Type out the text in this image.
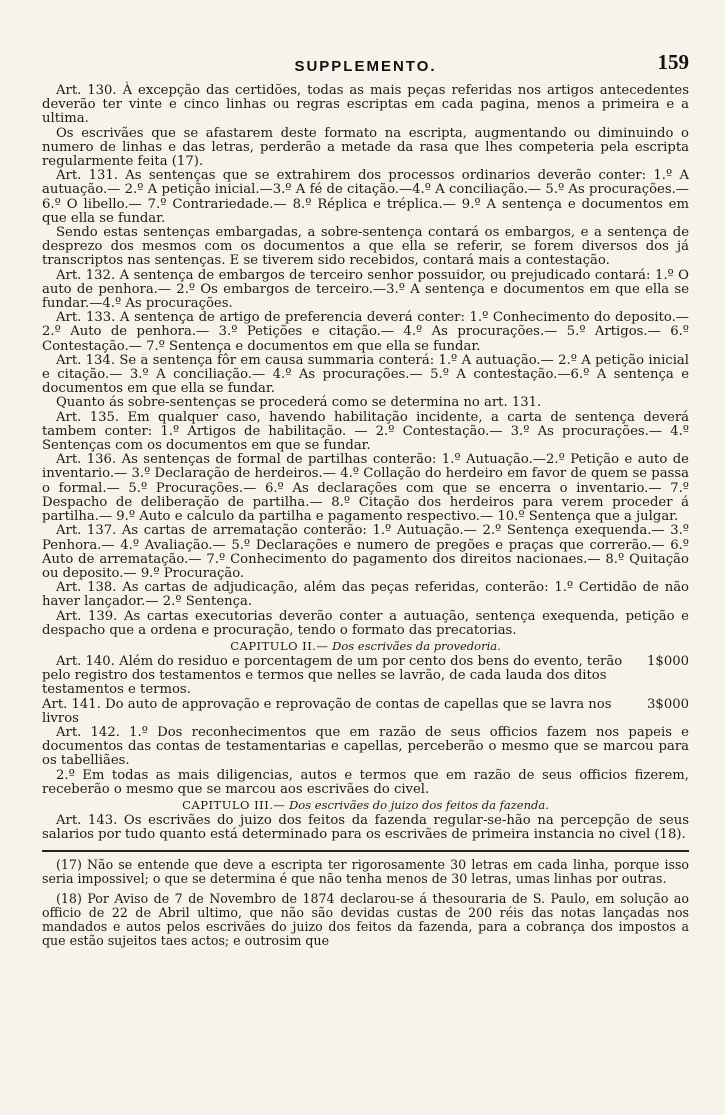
SUPPLEMENTO.	159

Art. 130. À excepção das certidões, todas as mais peças referidas nos artigos antecedentes deverão ter vinte e cinco linhas ou regras escriptas em cada pagina, menos a primeira e a ultima.

Os escrivães que se afastarem deste formato na escripta, augmentando ou diminuindo o numero de linhas e das letras, perderão a metade da rasa que lhes competeria pela escripta regularmente feita (17).

Art. 131. As sentenças que se extrahirem dos processos ordinarios deverão conter: 1.º A autuação.— 2.º A petição inicial.—3.º A fé de citação.—4.º A conciliação.— 5.º As procurações.— 6.º O libello.— 7.º Contrariedade.— 8.º Réplica e tréplica.— 9.º A sentença e documentos em que ella se fundar.

Sendo estas sentenças embargadas, a sobre-sentença contará os embargos, e a sentença de desprezo dos mesmos com os documentos a que ella se referir, se forem diversos dos já transcriptos nas sentenças. E se tiverem sido recebidos, contará mais a contestação.

Art. 132. A sentença de embargos de terceiro senhor possuidor, ou prejudicado contará: 1.º O auto de penhora.— 2.º Os embargos de terceiro.—3.º A sentença e documentos em que ella se fundar.—4.º As procurações.

Art. 133. A sentença de artigo de preferencia deverá conter: 1.º Conhecimento do deposito.— 2.º Auto de penhora.— 3.º Petições e citação.— 4.º As procurações.— 5.º Artigos.— 6.º Contestação.— 7.º Sentença e documentos em que ella se fundar.

Art. 134. Se a sentença fôr em causa summaria conterá: 1.º A autuação.— 2.º A petição inicial e citação.— 3.º A conciliação.— 4.º As procurações.— 5.º A contestação.—6.º A sentença e documentos em que ella se fundar.

Quanto ás sobre-sentenças se procederá como se determina no art. 131.

Art. 135. Em qualquer caso, havendo habilitação incidente, a carta de sentença deverá tambem conter: 1.º Artigos de habilitação. — 2.º Contestação.— 3.º As procurações.— 4.º Sentenças com os documentos em que se fundar.

Art. 136. As sentenças de formal de partilhas conterão: 1.º Autuação.—2.º Petição e auto de inventario.— 3.º Declaração de herdeiros.— 4.º Collação do herdeiro em favor de quem se passa o formal.— 5.º Procurações.— 6.º As declarações com que se encerra o inventario.— 7.º Despacho de deliberação de partilha.— 8.º Citação dos herdeiros para verem proceder á partilha.— 9.º Auto e calculo da partilha e pagamento respectivo.— 10.º Sentença que a julgar.

Art. 137. As cartas de arrematação conterão: 1.º Autuação.— 2.º Sentença exequenda.— 3.º Penhora.— 4.º Avaliação.— 5.º Declarações e numero de pregões e praças que correrão.— 6.º Auto de arrematação.— 7.º Conhecimento do pagamento dos direitos nacionaes.— 8.º Quitação ou deposito.— 9.º Procuração.

Art. 138. As cartas de adjudicação, além das peças referidas, conterão: 1.º Certidão de não haver lançador.— 2.º Sentença.

Art. 139. As cartas executorias deverão conter a autuação, sentença exequenda, petição e despacho que a ordena e procuração, tendo o formato das precatorias.

CAPITULO II.— Dos escrivães da provedoria.

Art. 140. Além do residuo e porcentagem de um por cento dos bens do evento, terão pelo registro dos testamentos e termos que nelles se lavrão, de cada lauda dos ditos testamentos e termos.
1$000
Art. 141. Do auto de approvação e reprovação de contas de capellas que se lavra nos livros
3$000

Art. 142. 1.º Dos reconhecimentos que em razão de seus officios fazem nos papeis e documentos das contas de testamentarias e capellas, perceberão o mesmo que se marcou para os tabelliães.

2.º Em todas as mais diligencias, autos e termos que em razão de seus officios fizerem, receberão o mesmo que se marcou aos escrivães do civel.

CAPITULO III.— Dos escrivães do juizo dos feitos da fazenda.

Art. 143. Os escrivães do juizo dos feitos da fazenda regular-se-hão na percepção de seus salarios por tudo quanto está determinado para os escrivães de primeira instancia no civel (18).

(17) Não se entende que deve a escripta ter rigorosamente 30 letras em cada linha, porque isso seria impossivel; o que se determina é que não tenha menos de 30 letras, umas linhas por outras.

(18) Por Aviso de 7 de Novembro de 1874 declarou-se á thesouraria de S. Paulo, em solução ao officio de 22 de Abril ultimo, que não são devidas custas de 200 réis das notas lançadas nos mandados e autos pelos escrivães do juizo dos feitos da fazenda, para a cobrança dos impostos a que estão sujeitos taes actos; e outrosim que
